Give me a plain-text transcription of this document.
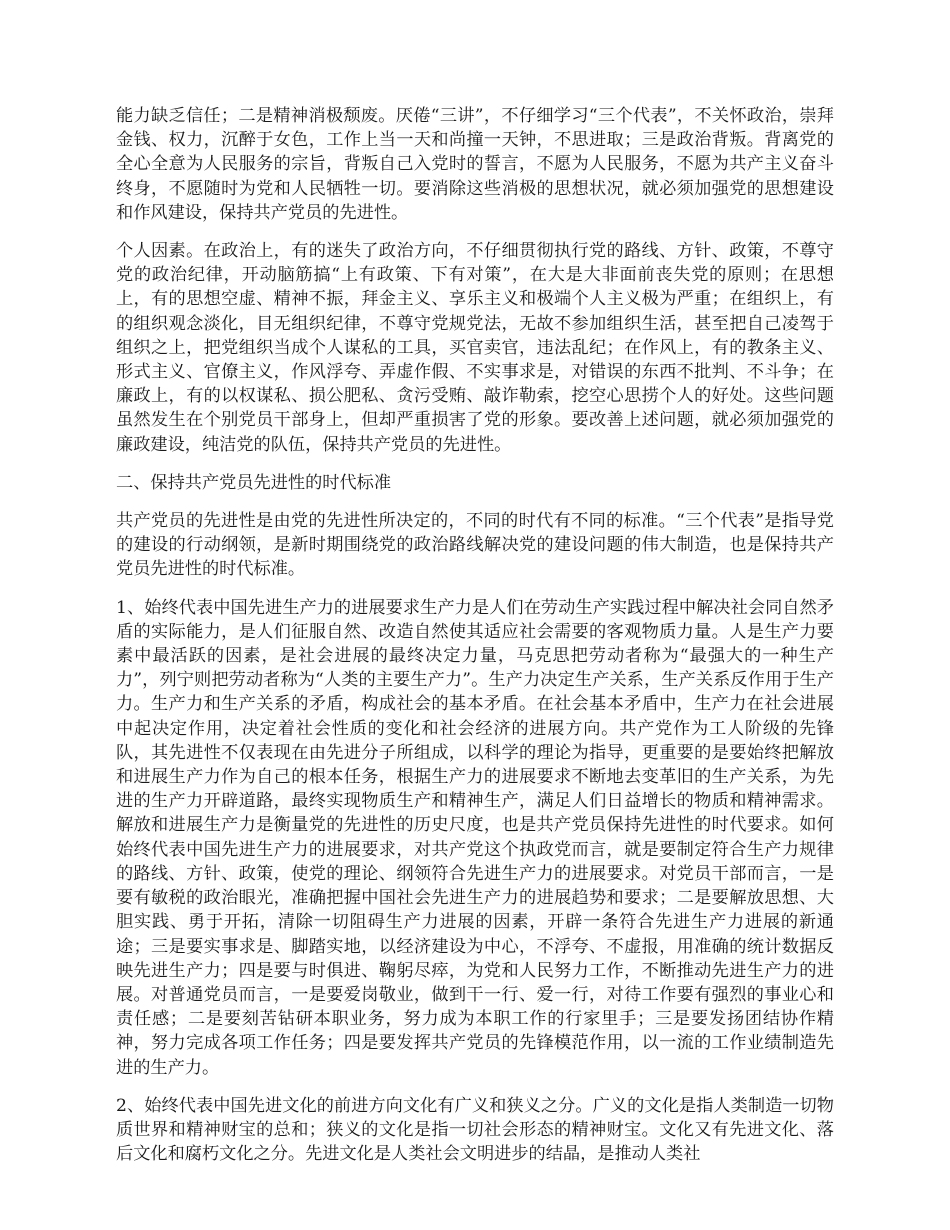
能力缺乏信任；二是精神消极颓废。厌倦“三讲”，不仔细学习“三个代表”，不关怀政治，崇拜金钱、权力，沉醉于女色，工作上当一天和尚撞一天钟，不思进取；三是政治背叛。背离党的全心全意为人民服务的宗旨，背叛自己入党时的誓言，不愿为人民服务，不愿为共产主义奋斗终身，不愿随时为党和人民牺牲一切。要消除这些消极的思想状况，就必须加强党的思想建设和作风建设，保持共产党员的先进性。

个人因素。在政治上，有的迷失了政治方向，不仔细贯彻执行党的路线、方针、政策，不尊守党的政治纪律，开动脑筋搞“上有政策、下有对策”，在大是大非面前丧失党的原则；在思想上，有的思想空虚、精神不振，拜金主义、享乐主义和极端个人主义极为严重；在组织上，有的组织观念淡化，目无组织纪律，不尊守党规党法，无故不参加组织生活，甚至把自己凌驾于组织之上，把党组织当成个人谋私的工具，买官卖官，违法乱纪；在作风上，有的教条主义、形式主义、官僚主义，作风浮夸、弄虚作假、不实事求是，对错误的东西不批判、不斗争；在廉政上，有的以权谋私、损公肥私、贪污受贿、敲诈勒索，挖空心思捞个人的好处。这些问题虽然发生在个别党员干部身上，但却严重损害了党的形象。要改善上述问题，就必须加强党的廉政建设，纯洁党的队伍，保持共产党员的先进性。

二、保持共产党员先进性的时代标准

共产党员的先进性是由党的先进性所决定的，不同的时代有不同的标准。“三个代表”是指导党的建设的行动纲领，是新时期围绕党的政治路线解决党的建设问题的伟大制造，也是保持共产党员先进性的时代标准。

1、始终代表中国先进生产力的进展要求生产力是人们在劳动生产实践过程中解决社会同自然矛盾的实际能力，是人们征服自然、改造自然使其适应社会需要的客观物质力量。人是生产力要素中最活跃的因素，是社会进展的最终决定力量，马克思把劳动者称为“最强大的一种生产力”，列宁则把劳动者称为“人类的主要生产力”。生产力决定生产关系，生产关系反作用于生产力。生产力和生产关系的矛盾，构成社会的基本矛盾。在社会基本矛盾中，生产力在社会进展中起决定作用，决定着社会性质的变化和社会经济的进展方向。共产党作为工人阶级的先锋队，其先进性不仅表现在由先进分子所组成，以科学的理论为指导，更重要的是要始终把解放和进展生产力作为自己的根本任务，根据生产力的进展要求不断地去变革旧的生产关系，为先进的生产力开辟道路，最终实现物质生产和精神生产，满足人们日益增长的物质和精神需求。解放和进展生产力是衡量党的先进性的历史尺度，也是共产党员保持先进性的时代要求。如何始终代表中国先进生产力的进展要求，对共产党这个执政党而言，就是要制定符合生产力规律的路线、方针、政策，使党的理论、纲领符合先进生产力的进展要求。对党员干部而言，一是要有敏税的政治眼光，准确把握中国社会先进生产力的进展趋势和要求；二是要解放思想、大胆实践、勇于开拓，清除一切阻碍生产力进展的因素，开辟一条符合先进生产力进展的新通途；三是要实事求是、脚踏实地，以经济建设为中心，不浮夸、不虚报，用准确的统计数据反映先进生产力；四是要与时俱进、鞠躬尽瘁，为党和人民努力工作，不断推动先进生产力的进展。对普通党员而言，一是要爱岗敬业，做到干一行、爱一行，对待工作要有强烈的事业心和责任感；二是要刻苦钻研本职业务，努力成为本职工作的行家里手；三是要发扬团结协作精神，努力完成各项工作任务；四是要发挥共产党员的先锋模范作用，以一流的工作业绩制造先进的生产力。

2、始终代表中国先进文化的前进方向文化有广义和狭义之分。广义的文化是指人类制造一切物质世界和精神财宝的总和；狭义的文化是指一切社会形态的精神财宝。文化又有先进文化、落后文化和腐朽文化之分。先进文化是人类社会文明进步的结晶，是推动人类社
